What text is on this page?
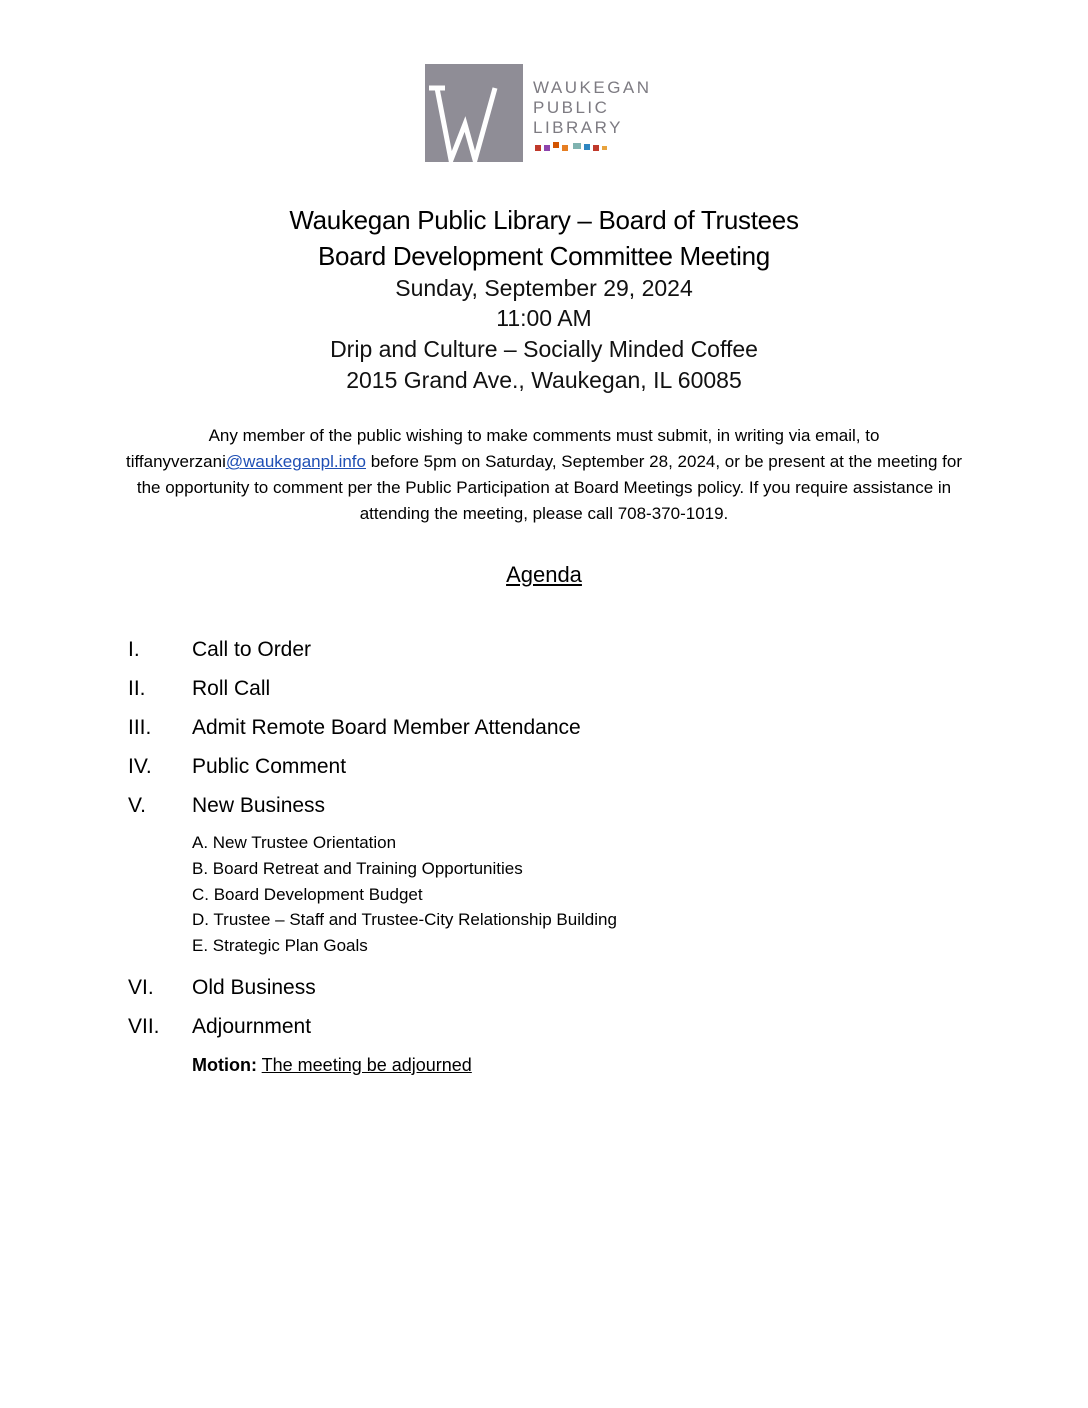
WAUKEGAN
PUBLIC
LIBRARY
Waukegan Public Library – Board of Trustees
Board Development Committee Meeting
Sunday, September 29, 2024
11:00 AM
Drip and Culture – Socially Minded Coffee
2015 Grand Ave., Waukegan, IL 60085
Any member of the public wishing to make comments must submit, in writing via email, to tiffanyverzani@waukeganpl.info before 5pm on Saturday, September 28, 2024, or be present at the meeting for the opportunity to comment per the Public Participation at Board Meetings policy. If you require assistance in attending the meeting, please call 708-370-1019.
Agenda
I.	Call to Order
II.	Roll Call
III.	Admit Remote Board Member Attendance
IV.	Public Comment
V.	New Business
A. New Trustee Orientation
B. Board Retreat and Training Opportunities
C. Board Development Budget
D. Trustee – Staff and Trustee-City Relationship Building
E. Strategic Plan Goals
VI.	Old Business
VII.	Adjournment
Motion: The meeting be adjourned
